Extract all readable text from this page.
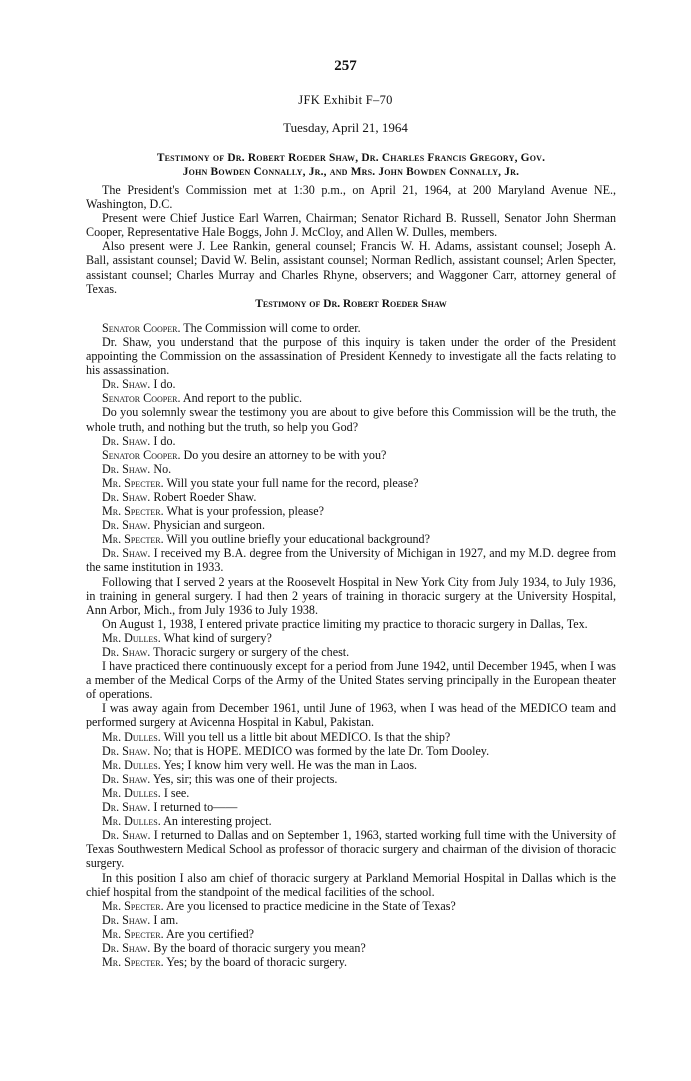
257
JFK Exhibit F–70
Tuesday, April 21, 1964
Testimony of Dr. Robert Roeder Shaw, Dr. Charles Francis Gregory, Gov.
John Bowden Connally, Jr., and Mrs. John Bowden Connally, Jr.

The President's Commission met at 1:30 p.m., on April 21, 1964, at 200 Maryland Avenue NE., Washington, D.C.

Present were Chief Justice Earl Warren, Chairman; Senator Richard B. Russell, Senator John Sherman Cooper, Representative Hale Boggs, John J. McCloy, and Allen W. Dulles, members.

Also present were J. Lee Rankin, general counsel; Francis W. H. Adams, assistant counsel; Joseph A. Ball, assistant counsel; David W. Belin, assistant counsel; Norman Redlich, assistant counsel; Arlen Specter, assistant counsel; Charles Murray and Charles Rhyne, observers; and Waggoner Carr, attorney general of Texas.

Testimony of Dr. Robert Roeder Shaw

Senator Cooper. The Commission will come to order.

Dr. Shaw, you understand that the purpose of this inquiry is taken under the order of the President appointing the Commission on the assassination of President Kennedy to investigate all the facts relating to his assassination.

Dr. Shaw. I do.

Senator Cooper. And report to the public.

Do you solemnly swear the testimony you are about to give before this Commission will be the truth, the whole truth, and nothing but the truth, so help you God?

Dr. Shaw. I do.

Senator Cooper. Do you desire an attorney to be with you?

Dr. Shaw. No.

Mr. Specter. Will you state your full name for the record, please?

Dr. Shaw. Robert Roeder Shaw.

Mr. Specter. What is your profession, please?

Dr. Shaw. Physician and surgeon.

Mr. Specter. Will you outline briefly your educational background?

Dr. Shaw. I received my B.A. degree from the University of Michigan in 1927, and my M.D. degree from the same institution in 1933.

Following that I served 2 years at the Roosevelt Hospital in New York City from July 1934, to July 1936, in training in general surgery. I had then 2 years of training in thoracic surgery at the University Hospital, Ann Arbor, Mich., from July 1936 to July 1938.

On August 1, 1938, I entered private practice limiting my practice to thoracic surgery in Dallas, Tex.

Mr. Dulles. What kind of surgery?

Dr. Shaw. Thoracic surgery or surgery of the chest.

I have practiced there continuously except for a period from June 1942, until December 1945, when I was a member of the Medical Corps of the Army of the United States serving principally in the European theater of operations.

I was away again from December 1961, until June of 1963, when I was head of the MEDICO team and performed surgery at Avicenna Hospital in Kabul, Pakistan.

Mr. Dulles. Will you tell us a little bit about MEDICO. Is that the ship?

Dr. Shaw. No; that is HOPE. MEDICO was formed by the late Dr. Tom Dooley.

Mr. Dulles. Yes; I know him very well. He was the man in Laos.

Dr. Shaw. Yes, sir; this was one of their projects.

Mr. Dulles. I see.

Dr. Shaw. I returned to——

Mr. Dulles. An interesting project.

Dr. Shaw. I returned to Dallas and on September 1, 1963, started working full time with the University of Texas Southwestern Medical School as professor of thoracic surgery and chairman of the division of thoracic surgery.

In this position I also am chief of thoracic surgery at Parkland Memorial Hospital in Dallas which is the chief hospital from the standpoint of the medical facilities of the school.

Mr. Specter. Are you licensed to practice medicine in the State of Texas?

Dr. Shaw. I am.

Mr. Specter. Are you certified?

Dr. Shaw. By the board of thoracic surgery you mean?

Mr. Specter. Yes; by the board of thoracic surgery.
